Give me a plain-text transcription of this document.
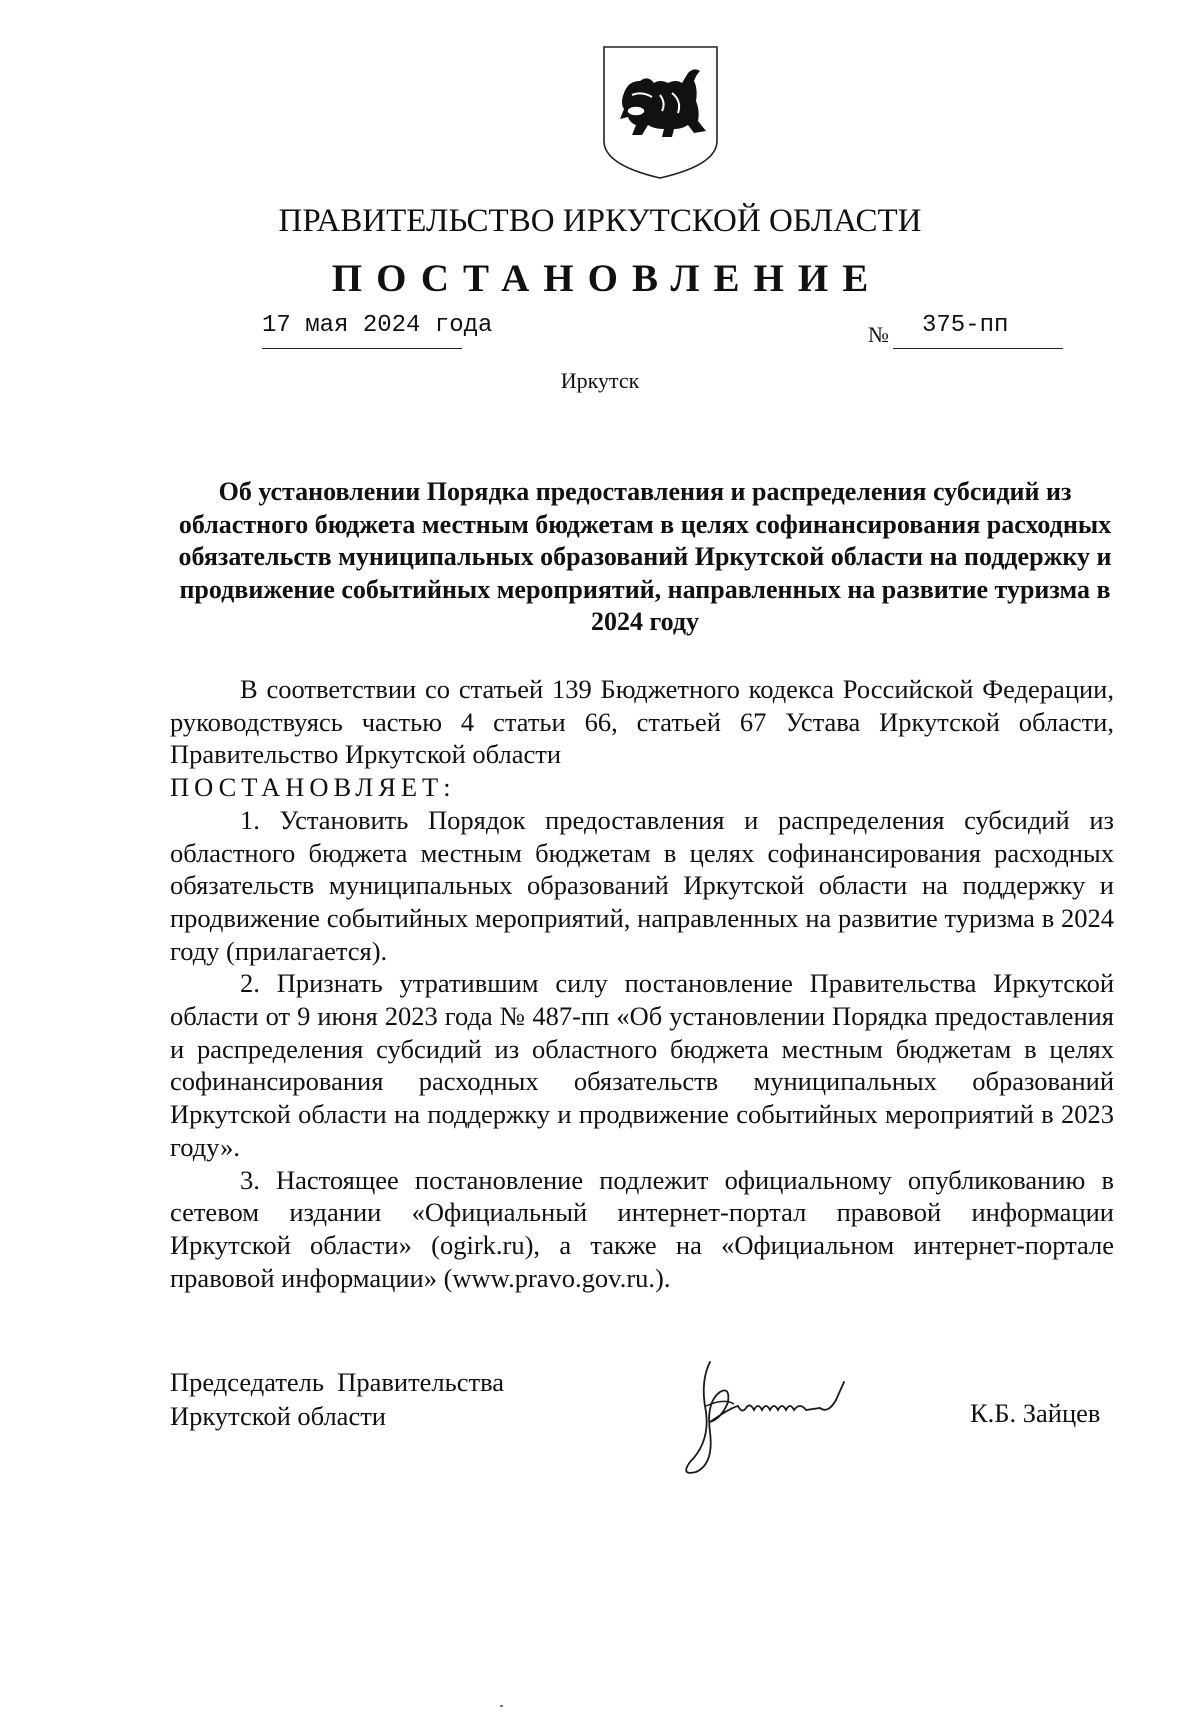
ПРАВИТЕЛЬСТВО ИРКУТСКОЙ ОБЛАСТИ
ПОСТАНОВЛЕНИЕ
17 мая 2024 года	№ 375-пп
Иркутск
Об установлении Порядка предоставления и распределения субсидий из областного бюджета местным бюджетам в целях софинансирования расходных обязательств муниципальных образований Иркутской области на поддержку и продвижение событийных мероприятий, направленных на развитие туризма в 2024 году

В соответствии со статьей 139 Бюджетного кодекса Российской Федерации, руководствуясь частью 4 статьи 66, статьей 67 Устава Иркутской области, Правительство Иркутской области

ПОСТАНОВЛЯЕТ:

1. Установить Порядок предоставления и распределения субсидий из областного бюджета местным бюджетам в целях софинансирования расходных обязательств муниципальных образований Иркутской области на поддержку и продвижение событийных мероприятий, направленных на развитие туризма в 2024 году (прилагается).

2. Признать утратившим силу постановление Правительства Иркутской области от 9 июня 2023 года № 487-пп «Об установлении Порядка предоставления и распределения субсидий из областного бюджета местным бюджетам в целях софинансирования расходных обязательств муниципальных образований Иркутской области на поддержку и продвижение событийных мероприятий в 2023 году».

3. Настоящее постановление подлежит официальному опубликованию в сетевом издании «Официальный интернет-портал правовой информации Иркутской области» (ogirk.ru), а также на «Официальном интернет-портале правовой информации» (www.pravo.gov.ru.).

Председатель  Правительства
Иркутской области	К.Б. Зайцев
